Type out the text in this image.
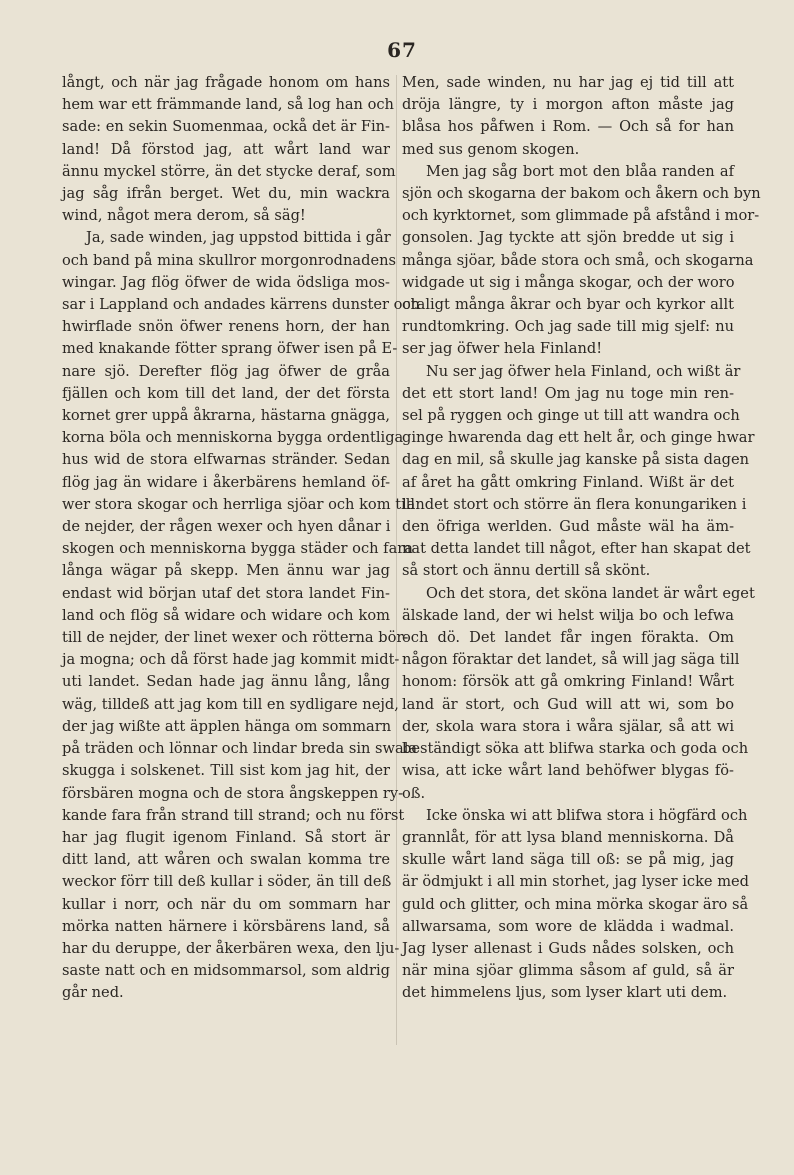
67
långt, och när jag frågade honom om hans
hem war ett främmande land, så log han och
sade: en sekin Suomenmaa, ockå det är Fin-
land! Då förstod jag, att wårt land war
ännu myckel större, än det stycke deraf, som
jag såg ifrån berget. Wet du, min wackra
wind, något mera derom, så säg!
Ja, sade winden, jag uppstod bittida i går
och band på mina skullror morgonrodnadens
wingar. Jag flög öfwer de wida ödsliga mos-
sar i Lappland och andades kärrens dunster och
hwirflade snön öfwer renens horn, der han
med knakande fötter sprang öfwer isen på E-
nare sjö. Derefter flög jag öfwer de gråa
fjällen och kom till det land, der det första
kornet grer uppå åkrarna, hästarna gnägga,
korna böla och menniskorna bygga ordentliga
hus wid de stora elfwarnas stränder. Sedan
flög jag än widare i åkerbärens hemland öf-
wer stora skogar och herrliga sjöar och kom till
de nejder, der rågen wexer och hyen dånar i
skogen och menniskorna bygga städer och fara
långa wägar på skepp. Men ännu war jag
endast wid början utaf det stora landet Fin-
land och flög så widare och widare och kom
till de nejder, der linet wexer och rötterna bör-
ja mogna; och då först hade jag kommit midt-
uti landet. Sedan hade jag ännu lång, lång
wäg, tilldeß att jag kom till en sydligare nejd,
der jag wißte att äpplen hänga om sommarn
på träden och lönnar och lindar breda sin swala
skugga i solskenet. Till sist kom jag hit, der
försbären mogna och de stora ångskeppen ry-
kande fara från strand till strand; och nu först
har jag flugit igenom Finland. Så stort är
ditt land, att wåren och swalan komma tre
weckor förr till deß kullar i söder, än till deß
kullar i norr, och när du om sommarn har
mörka natten härnere i körsbärens land, så
har du deruppe, der åkerbären wexa, den lju-
saste natt och en midsommarsol, som aldrig
går ned.
Men, sade winden, nu har jag ej tid till att
dröja längre, ty i morgon afton måste jag
blåsa hos påfwen i Rom. — Och så for han
med sus genom skogen.
Men jag såg bort mot den blåa randen af
sjön och skogarna der bakom och åkern och byn
och kyrktornet, som glimmade på afstånd i mor-
gonsolen. Jag tyckte att sjön bredde ut sig i
många sjöar, både stora och små, och skogarna
widgade ut sig i många skogar, och der woro
otaligt många åkrar och byar och kyrkor allt
rundtomkring. Och jag sade till mig sjelf: nu
ser jag öfwer hela Finland!
Nu ser jag öfwer hela Finland, och wißt är
det ett stort land! Om jag nu toge min ren-
sel på ryggen och ginge ut till att wandra och
ginge hwarenda dag ett helt år, och ginge hwar
dag en mil, så skulle jag kanske på sista dagen
af året ha gått omkring Finland. Wißt är det
landet stort och större än flera konungariken i
den öfriga werlden. Gud måste wäl ha äm-
nat detta landet till något, efter han skapat det
så stort och ännu dertill så skönt.
Och det stora, det sköna landet är wårt eget
älskade land, der wi helst wilja bo och lefwa
och dö. Det landet får ingen förakta. Om
någon föraktar det landet, så will jag säga till
honom: försök att gå omkring Finland! Wårt
land är stort, och Gud will att wi, som bo
der, skola wara stora i wåra själar, så att wi
beständigt söka att blifwa starka och goda och
wisa, att icke wårt land behöfwer blygas fö-
oß.
Icke önska wi att blifwa stora i högfärd och
grannlåt, för att lysa bland menniskorna. Då
skulle wårt land säga till oß: se på mig, jag
är ödmjukt i all min storhet, jag lyser icke med
guld och glitter, och mina mörka skogar äro så
allwarsama, som wore de klädda i wadmal.
Jag lyser allenast i Guds nådes solsken, och
när mina sjöar glimma såsom af guld, så är
det himmelens ljus, som lyser klart uti dem.
